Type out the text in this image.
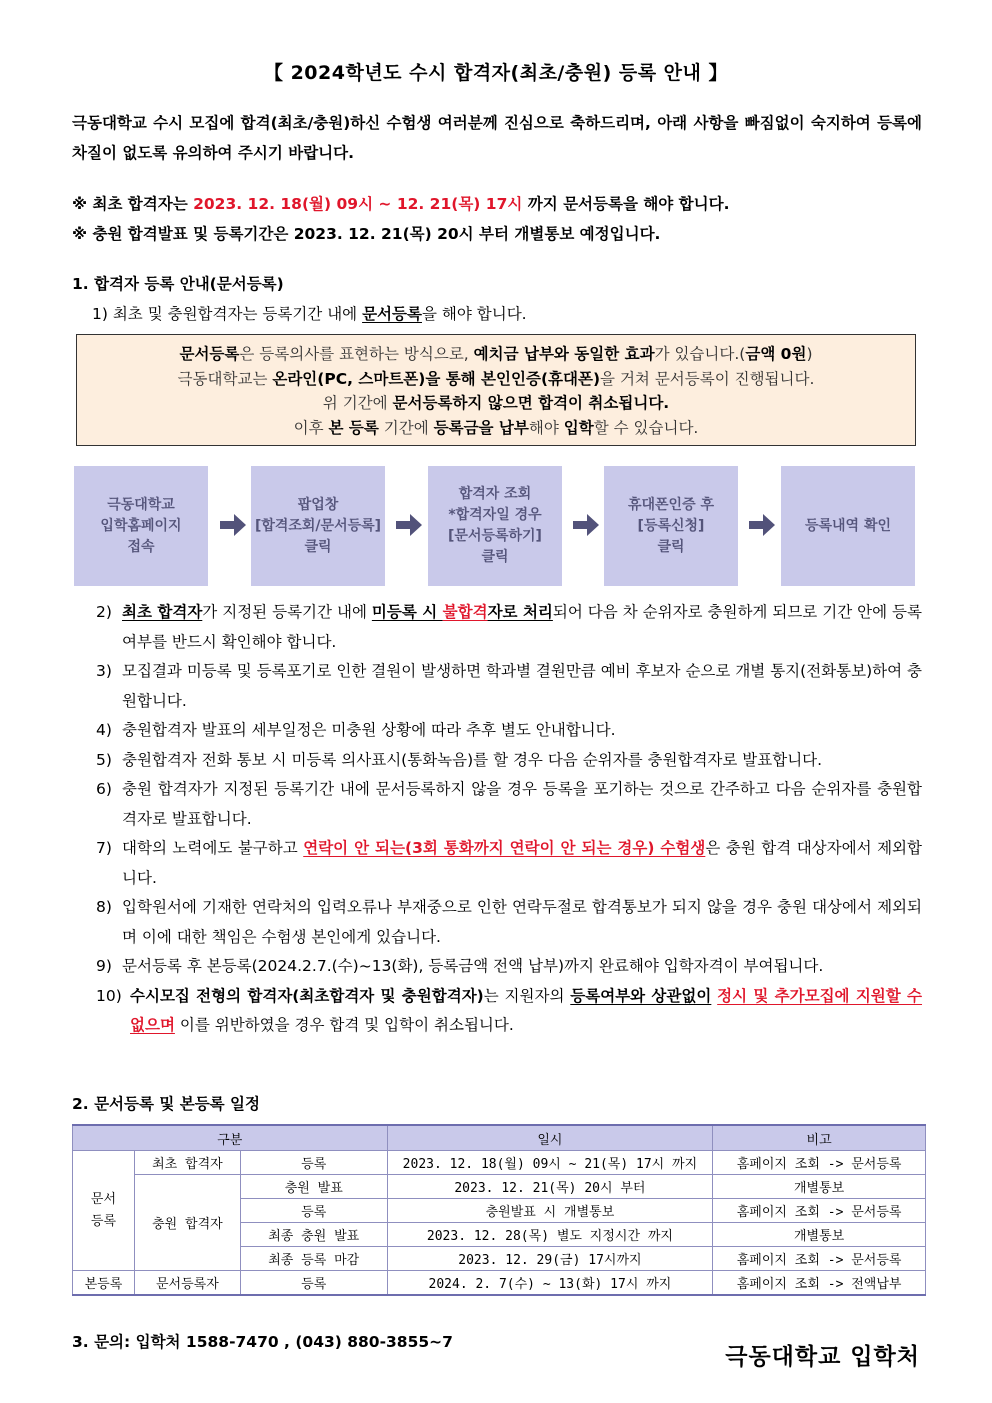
【 2024학년도 수시 합격자(최초/충원) 등록 안내 】
극동대학교 수시 모집에 합격(최초/충원)하신 수험생 여러분께 진심으로 축하드리며, 아래 사항을 빠짐없이 숙지하여 등록에 차질이 없도록 유의하여 주시기 바랍니다.
※ 최초 합격자는 2023. 12. 18(월) 09시 ~ 12. 21(목) 17시 까지 문서등록을 해야 합니다.
※ 충원 합격발표 및 등록기간은 2023. 12. 21(목) 20시 부터 개별통보 예정입니다.
1. 합격자 등록 안내(문서등록)
1) 최초 및 충원합격자는 등록기간 내에 문서등록을 해야 합니다.
문서등록은 등록의사를 표현하는 방식으로, 예치금 납부와 동일한 효과가 있습니다.(금액 0원)
극동대학교는 온라인(PC, 스마트폰)을 통해 본인인증(휴대폰)을 거쳐 문서등록이 진행됩니다.
위 기간에 문서등록하지 않으면 합격이 취소됩니다.
이후 본 등록 기간에 등록금을 납부해야 입학할 수 있습니다.
극동대학교
입학홈페이지
접속
팝업창
[합격조회/문서등록]
클릭
합격자 조회
*합격자일 경우
[문서등록하기]
클릭
휴대폰인증 후
[등록신청]
클릭
등록내역 확인
2) 최초 합격자가 지정된 등록기간 내에 미등록 시 불합격자로 처리되어 다음 차 순위자로 충원하게 되므로 기간 안에 등록여부를 반드시 확인해야 합니다.
3) 모집결과 미등록 및 등록포기로 인한 결원이 발생하면 학과별 결원만큼 예비 후보자 순으로 개별 통지(전화통보)하여 충원합니다.
4) 충원합격자 발표의 세부일정은 미충원 상황에 따라 추후 별도 안내합니다.
5) 충원합격자 전화 통보 시 미등록 의사표시(통화녹음)를 할 경우 다음 순위자를 충원합격자로 발표합니다.
6) 충원 합격자가 지정된 등록기간 내에 문서등록하지 않을 경우 등록을 포기하는 것으로 간주하고 다음 순위자를 충원합격자로 발표합니다.
7) 대학의 노력에도 불구하고 연락이 안 되는(3회 통화까지 연락이 안 되는 경우) 수험생은 충원 합격 대상자에서 제외합니다.
8) 입학원서에 기재한 연락처의 입력오류나 부재중으로 인한 연락두절로 합격통보가 되지 않을 경우 충원 대상에서 제외되며 이에 대한 책임은 수험생 본인에게 있습니다.
9) 문서등록 후 본등록(2024.2.7.(수)~13(화), 등록금액 전액 납부)까지 완료해야 입학자격이 부여됩니다.
10) 수시모집 전형의 합격자(최초합격자 및 충원합격자)는 지원자의 등록여부와 상관없이 정시 및 추가모집에 지원할 수 없으며 이를 위반하였을 경우 합격 및 입학이 취소됩니다.
2. 문서등록 및 본등록 일정
구분			일시	비고
문서
등록	최초 합격자	등록	2023. 12. 18(월) 09시 ~ 21(목) 17시 까지	홈페이지 조회 -> 문서등록
	충원 합격자	충원 발표	2023. 12. 21(목) 20시 부터	개별통보
		등록	충원발표 시 개별통보	홈페이지 조회 -> 문서등록
		최종 충원 발표	2023. 12. 28(목) 별도 지정시간 까지	개별통보
		최종 등록 마감	2023. 12. 29(금) 17시까지	홈페이지 조회 -> 문서등록
본등록	문서등록자	등록	2024. 2. 7(수) ~ 13(화) 17시 까지	홈페이지 조회 -> 전액납부
3. 문의: 입학처 1588-7470 , (043) 880-3855~7
극동대학교 입학처
